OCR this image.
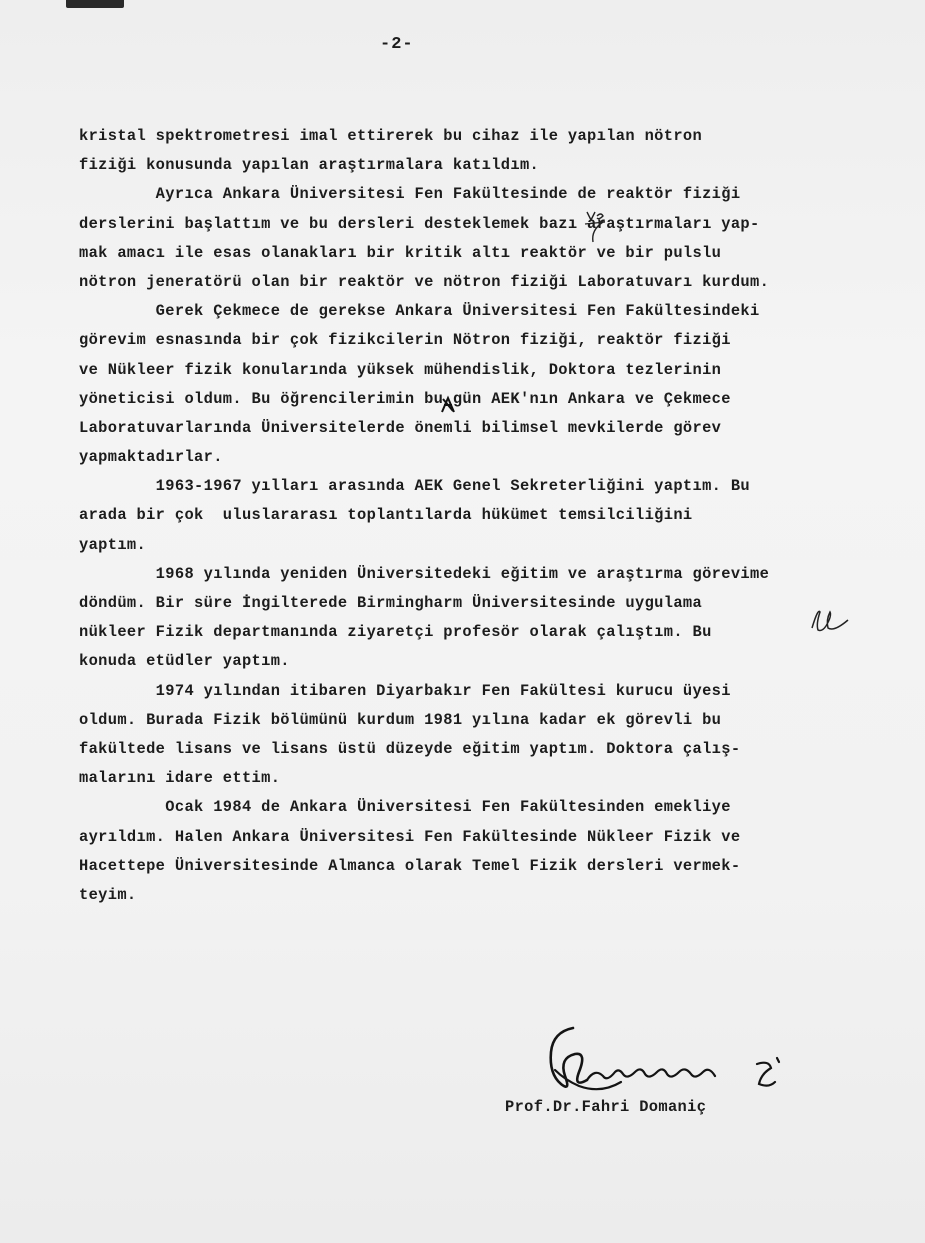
-2-
kristal spektrometresi imal ettirerek bu cihaz ile yapılan nötron
fiziği konusunda yapılan araştırmalara katıldım.
Ayrıca Ankara Üniversitesi Fen Fakültesinde de reaktör fiziği
derslerini başlattım ve bu dersleri desteklemek bazı araştırmaları yap-
mak amacı ile esas olanakları bir kritik altı reaktör ve bir pulslu
nötron jeneratörü olan bir reaktör ve nötron fiziği Laboratuvarı kurdum.
Gerek Çekmece de gerekse Ankara Üniversitesi Fen Fakültesindeki
görevim esnasında bir çok fizikcilerin Nötron fiziği, reaktör fiziği
ve Nükleer fizik konularında yüksek mühendislik, Doktora tezlerinin
yöneticisi oldum. Bu öğrencilerimin bu gün AEK'nın Ankara ve Çekmece
Laboratuvarlarında Üniversitelerde önemli bilimsel mevkilerde görev
yapmaktadırlar.
1963-1967 yılları arasında AEK Genel Sekreterliğini yaptım. Bu
arada bir çok  uluslararası toplantılarda hükümet temsilciliğini
yaptım.
1968 yılında yeniden Üniversitedeki eğitim ve araştırma görevime
döndüm. Bir süre İngilterede Birmingharm Üniversitesinde uygulama
nükleer Fizik departmanında ziyaretçi profesör olarak çalıştım. Bu
konuda etüdler yaptım.
1974 yılından itibaren Diyarbakır Fen Fakültesi kurucu üyesi
oldum. Burada Fizik bölümünü kurdum 1981 yılına kadar ek görevli bu
fakültede lisans ve lisans üstü düzeyde eğitim yaptım. Doktora çalış-
malarını idare ettim.
Ocak 1984 de Ankara Üniversitesi Fen Fakültesinden emekliye
ayrıldım. Halen Ankara Üniversitesi Fen Fakültesinde Nükleer Fizik ve
Hacettepe Üniversitesinde Almanca olarak Temel Fizik dersleri vermek-
teyim.
Prof.Dr.Fahri Domaniç
